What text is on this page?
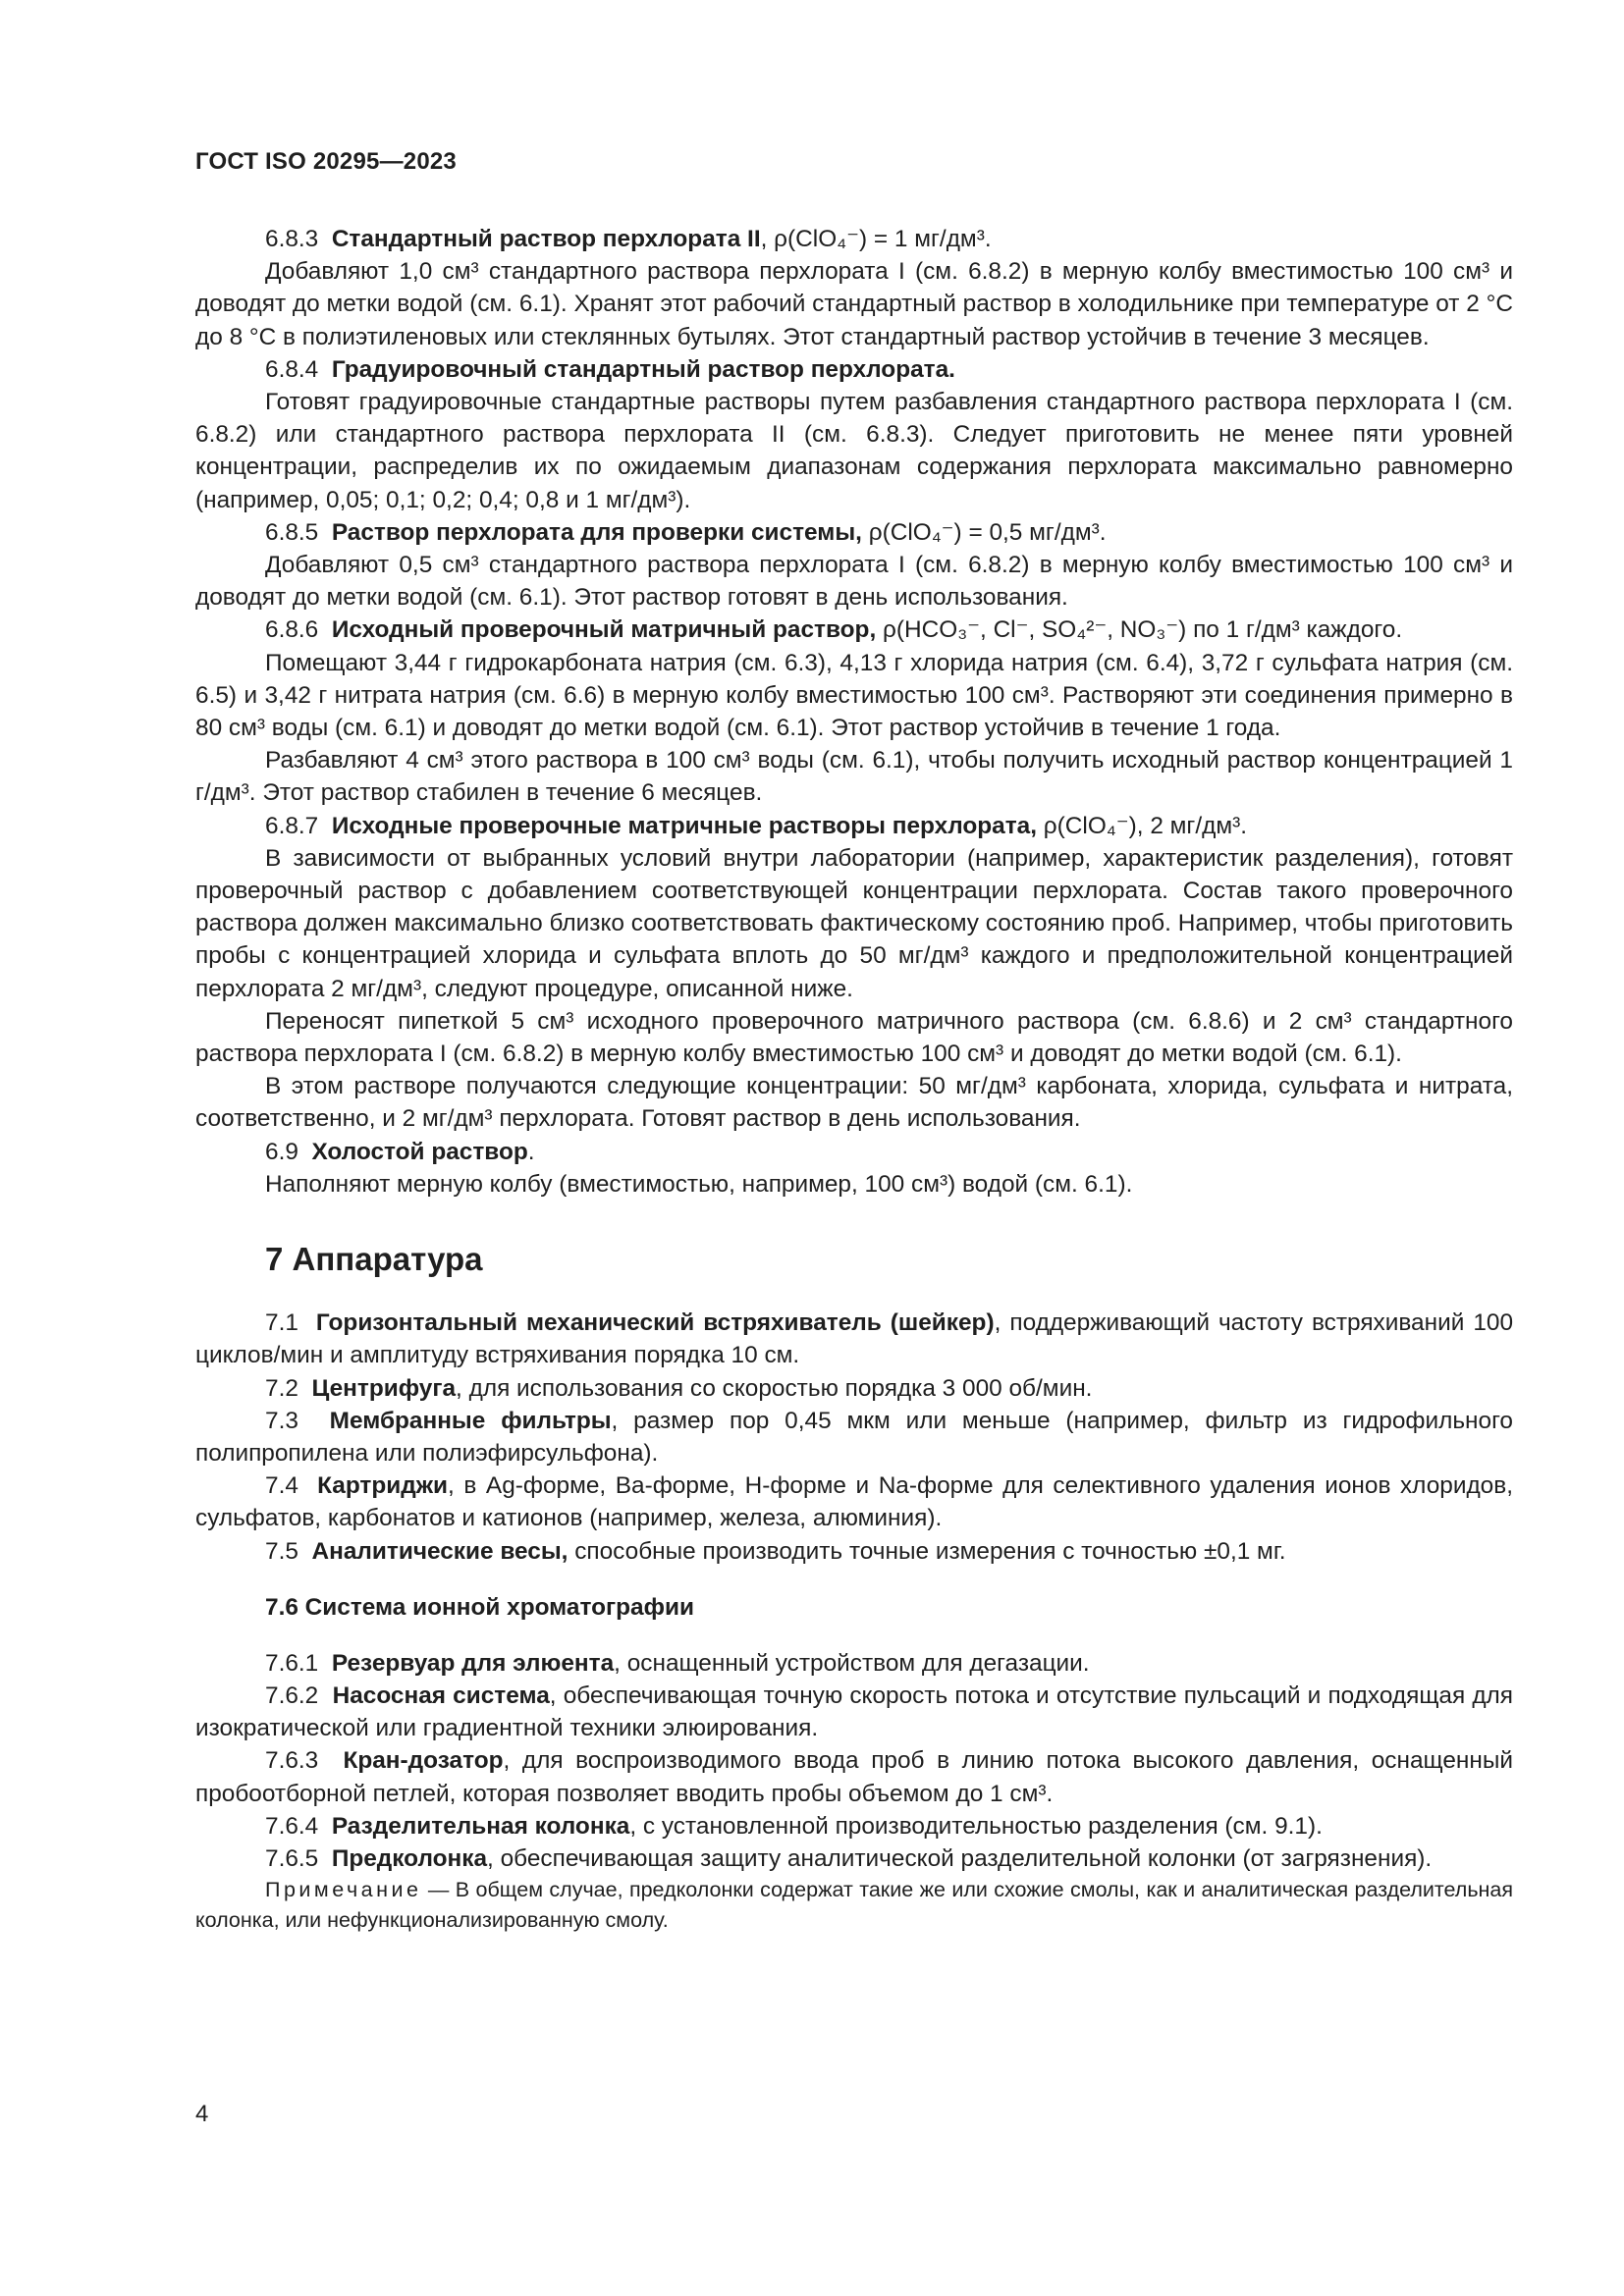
ГОСТ ISO 20295—2023

6.8.3 Стандартный раствор перхлората II, ρ(ClO₄⁻) = 1 мг/дм³.

Добавляют 1,0 см³ стандартного раствора перхлората I (см. 6.8.2) в мерную колбу вместимостью 100 см³ и доводят до метки водой (см. 6.1). Хранят этот рабочий стандартный раствор в холодильнике при температуре от 2 °С до 8 °С в полиэтиленовых или стеклянных бутылях. Этот стандартный раствор устойчив в течение 3 месяцев.

6.8.4 Градуировочный стандартный раствор перхлората.

Готовят градуировочные стандартные растворы путем разбавления стандартного раствора перхлората I (см. 6.8.2) или стандартного раствора перхлората II (см. 6.8.3). Следует приготовить не менее пяти уровней концентрации, распределив их по ожидаемым диапазонам содержания перхлората максимально равномерно (например, 0,05; 0,1; 0,2; 0,4; 0,8 и 1 мг/дм³).

6.8.5 Раствор перхлората для проверки системы, ρ(ClO₄⁻) = 0,5 мг/дм³.

Добавляют 0,5 см³ стандартного раствора перхлората I (см. 6.8.2) в мерную колбу вместимостью 100 см³ и доводят до метки водой (см. 6.1). Этот раствор готовят в день использования.

6.8.6 Исходный проверочный матричный раствор, ρ(HCO₃⁻, Cl⁻, SO₄²⁻, NO₃⁻) по 1 г/дм³ каждого.

Помещают 3,44 г гидрокарбоната натрия (см. 6.3), 4,13 г хлорида натрия (см. 6.4), 3,72 г сульфата натрия (см. 6.5) и 3,42 г нитрата натрия (см. 6.6) в мерную колбу вместимостью 100 см³. Растворяют эти соединения примерно в 80 см³ воды (см. 6.1) и доводят до метки водой (см. 6.1). Этот раствор устойчив в течение 1 года.

Разбавляют 4 см³ этого раствора в 100 см³ воды (см. 6.1), чтобы получить исходный раствор концентрацией 1 г/дм³. Этот раствор стабилен в течение 6 месяцев.

6.8.7 Исходные проверочные матричные растворы перхлората, ρ(ClO₄⁻), 2 мг/дм³.

В зависимости от выбранных условий внутри лаборатории (например, характеристик разделения), готовят проверочный раствор с добавлением соответствующей концентрации перхлората. Состав такого проверочного раствора должен максимально близко соответствовать фактическому состоянию проб. Например, чтобы приготовить пробы с концентрацией хлорида и сульфата вплоть до 50 мг/дм³ каждого и предположительной концентрацией перхлората 2 мг/дм³, следуют процедуре, описанной ниже.

Переносят пипеткой 5 см³ исходного проверочного матричного раствора (см. 6.8.6) и 2 см³ стандартного раствора перхлората I (см. 6.8.2) в мерную колбу вместимостью 100 см³ и доводят до метки водой (см. 6.1).

В этом растворе получаются следующие концентрации: 50 мг/дм³ карбоната, хлорида, сульфата и нитрата, соответственно, и 2 мг/дм³ перхлората. Готовят раствор в день использования.

6.9 Холостой раствор.

Наполняют мерную колбу (вместимостью, например, 100 см³) водой (см. 6.1).

7 Аппаратура

7.1 Горизонтальный механический встряхиватель (шейкер), поддерживающий частоту встряхиваний 100 циклов/мин и амплитуду встряхивания порядка 10 см.

7.2 Центрифуга, для использования со скоростью порядка 3 000 об/мин.

7.3 Мембранные фильтры, размер пор 0,45 мкм или меньше (например, фильтр из гидрофильного полипропилена или полиэфирсульфона).

7.4 Картриджи, в Ag-форме, Ва-форме, Н-форме и Na-форме для селективного удаления ионов хлоридов, сульфатов, карбонатов и катионов (например, железа, алюминия).

7.5 Аналитические весы, способные производить точные измерения с точностью ±0,1 мг.

7.6 Система ионной хроматографии

7.6.1 Резервуар для элюента, оснащенный устройством для дегазации.

7.6.2 Насосная система, обеспечивающая точную скорость потока и отсутствие пульсаций и подходящая для изократической или градиентной техники элюирования.

7.6.3 Кран-дозатор, для воспроизводимого ввода проб в линию потока высокого давления, оснащенный пробоотборной петлей, которая позволяет вводить пробы объемом до 1 см³.

7.6.4 Разделительная колонка, с установленной производительностью разделения (см. 9.1).

7.6.5 Предколонка, обеспечивающая защиту аналитической разделительной колонки (от загрязнения).

Примечание — В общем случае, предколонки содержат такие же или схожие смолы, как и аналитическая разделительная колонка, или нефункционализированную смолу.

4
